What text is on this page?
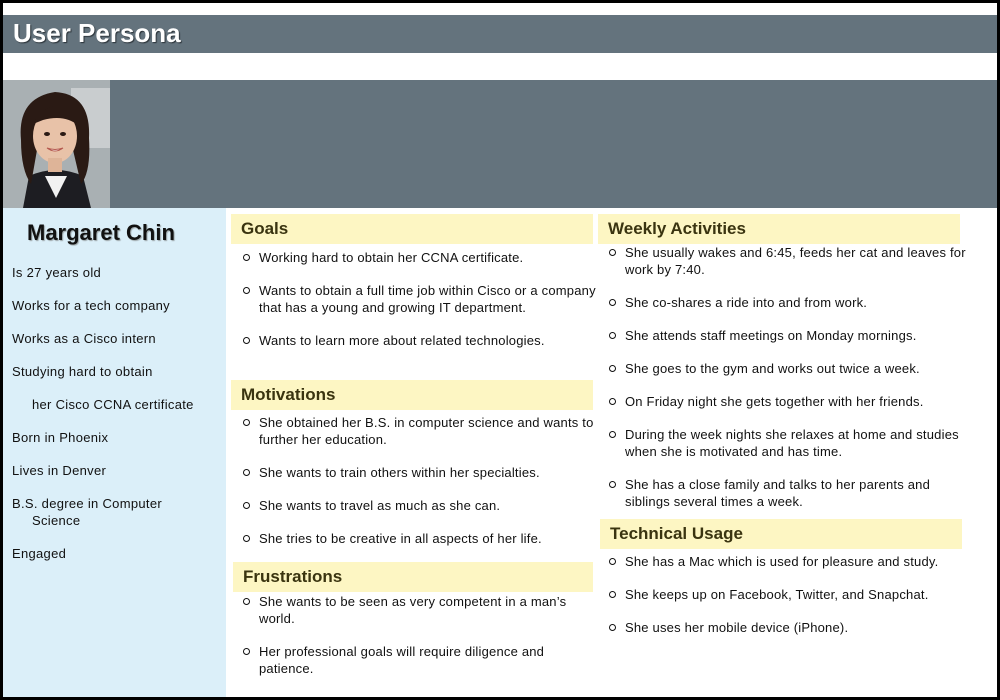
User Persona
Margaret Chin
Is 27 years old
Works for a tech company
Works as a Cisco intern
Studying hard to obtain
her Cisco CCNA certificate
Born in Phoenix
Lives in Denver
B.S. degree in Computer
Science
Engaged
Goals
Working hard to obtain her CCNA certificate.
Wants to obtain a full time job within Cisco or a company that has a young and growing IT department.
Wants to learn more about related technologies.
Motivations
She obtained her B.S. in computer science and wants to further her education.
She wants to train others within her specialties.
She wants to travel as much as she can.
She tries to be creative in all aspects of her life.
Frustrations
She wants to be seen as very competent in a man’s world.
Her professional goals will require diligence and patience.
Weekly Activities
She usually wakes and 6:45, feeds her cat and leaves for work by 7:40.
She co-shares a ride into and from work.
She attends staff meetings on Monday mornings.
She goes to the gym and works out twice a week.
On Friday night she gets together with her friends.
During the week nights she relaxes at home and studies when she is motivated and has time.
She has a close family and talks to her parents and siblings several times a week.
Technical Usage
She has a Mac which is used for pleasure and study.
She keeps up on Facebook, Twitter, and Snapchat.
She uses her mobile device (iPhone).
